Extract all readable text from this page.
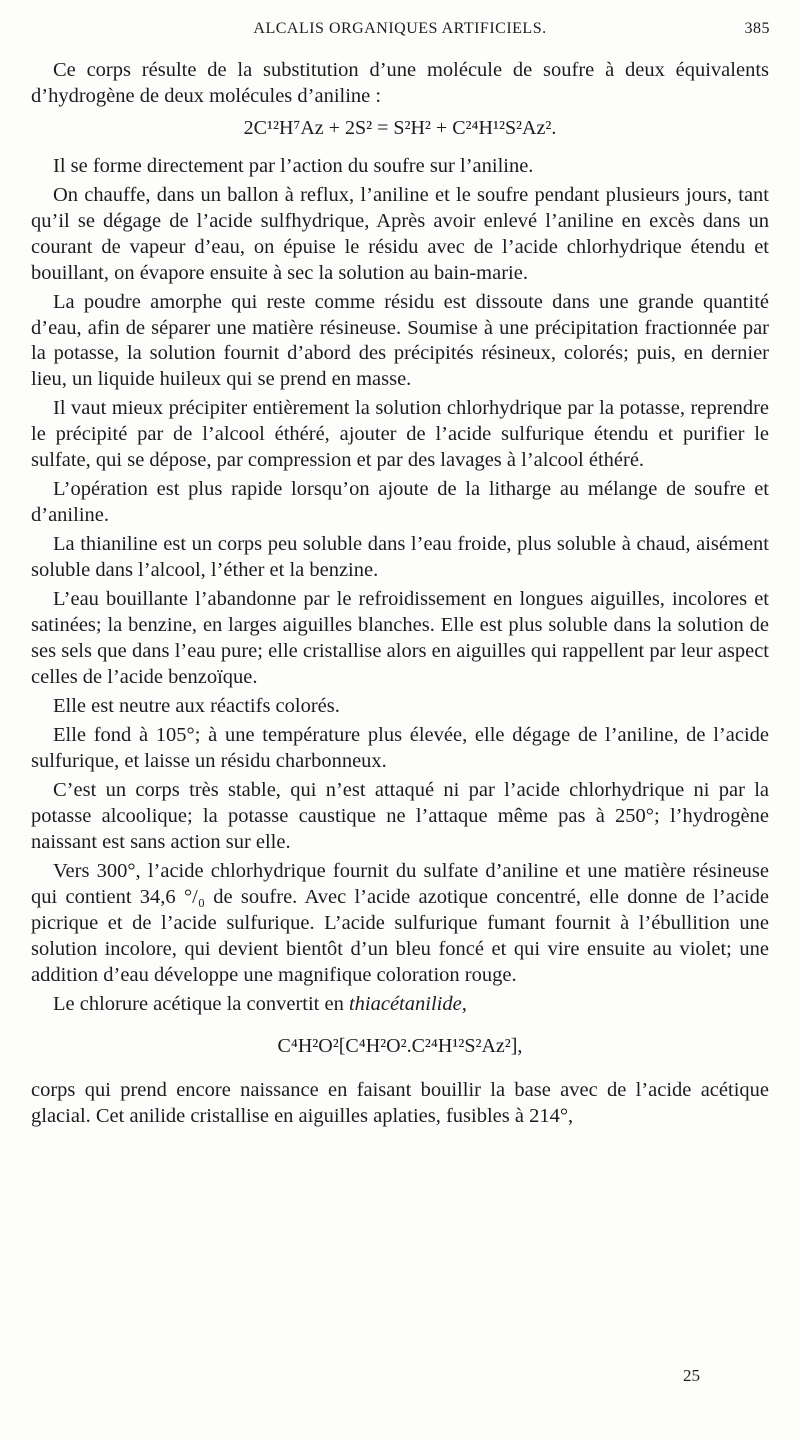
ALCALIS ORGANIQUES ARTIFICIELS.	385

Ce corps résulte de la substitution d’une molécule de soufre à deux équivalents d’hydrogène de deux molécules d’aniline :

2C¹²H⁷Az + 2S² = S²H² + C²⁴H¹²S²Az².

Il se forme directement par l’action du soufre sur l’aniline.

On chauffe, dans un ballon à reflux, l’aniline et le soufre pendant plusieurs jours, tant qu’il se dégage de l’acide sulfhydrique, Après avoir enlevé l’aniline en excès dans un courant de vapeur d’eau, on épuise le résidu avec de l’acide chlorhydrique étendu et bouillant, on évapore ensuite à sec la solution au bain-marie.

La poudre amorphe qui reste comme résidu est dissoute dans une grande quantité d’eau, afin de séparer une matière résineuse. Soumise à une précipitation fractionnée par la potasse, la solution fournit d’abord des précipités résineux, colorés; puis, en dernier lieu, un liquide huileux qui se prend en masse.

Il vaut mieux précipiter entièrement la solution chlorhydrique par la potasse, reprendre le précipité par de l’alcool éthéré, ajouter de l’acide sulfurique étendu et purifier le sulfate, qui se dépose, par compression et par des lavages à l’alcool éthéré.

L’opération est plus rapide lorsqu’on ajoute de la litharge au mélange de soufre et d’aniline.

La thianiline est un corps peu soluble dans l’eau froide, plus soluble à chaud, aisément soluble dans l’alcool, l’éther et la benzine.

L’eau bouillante l’abandonne par le refroidissement en longues aiguilles, incolores et satinées; la benzine, en larges aiguilles blanches. Elle est plus soluble dans la solution de ses sels que dans l’eau pure; elle cristallise alors en aiguilles qui rappellent par leur aspect celles de l’acide benzoïque.

Elle est neutre aux réactifs colorés.

Elle fond à 105°; à une température plus élevée, elle dégage de l’aniline, de l’acide sulfurique, et laisse un résidu charbonneux.

C’est un corps très stable, qui n’est attaqué ni par l’acide chlorhydrique ni par la potasse alcoolique; la potasse caustique ne l’attaque même pas à 250°; l’hydrogène naissant est sans action sur elle.

Vers 300°, l’acide chlorhydrique fournit du sulfate d’aniline et une matière résineuse qui contient 34,6 °/₀ de soufre. Avec l’acide azotique concentré, elle donne de l’acide picrique et de l’acide sulfurique. L’acide sulfurique fumant fournit à l’ébullition une solution incolore, qui devient bientôt d’un bleu foncé et qui vire ensuite au violet; une addition d’eau développe une magnifique coloration rouge.

Le chlorure acétique la convertit en thiacétanilide,

C⁴H²O²[C⁴H²O².C²⁴H¹²S²Az²],

corps qui prend encore naissance en faisant bouillir la base avec de l’acide acétique glacial. Cet anilide cristallise en aiguilles aplaties, fusibles à 214°,

25
